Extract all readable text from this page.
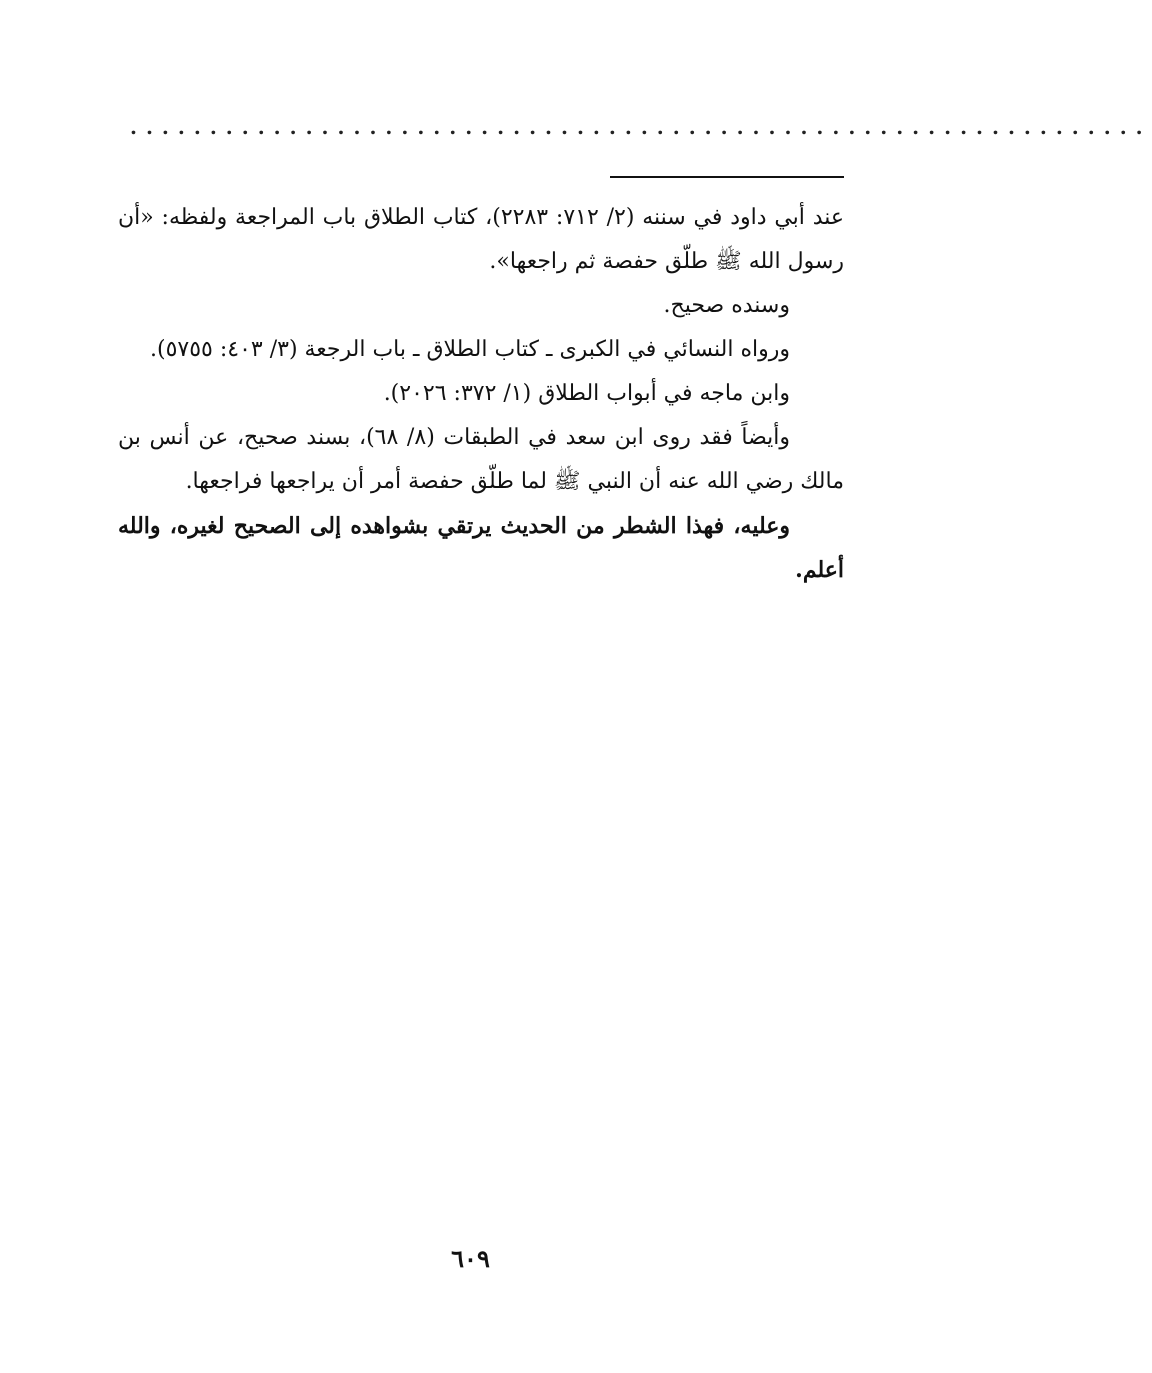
................................................................

عند أبي داود في سننه (٢/ ٧١٢: ٢٢٨٣)، كتاب الطلاق باب المراجعة ولفظه: «أن رسول الله ﷺ طلّق حفصة ثم راجعها».

وسنده صحيح.

ورواه النسائي في الكبرى ـ كتاب الطلاق ـ باب الرجعة (٣/ ٤٠٣: ٥٧٥٥).

وابن ماجه في أبواب الطلاق (١/ ٣٧٢: ٢٠٢٦).

وأيضاً فقد روى ابن سعد في الطبقات (٨/ ٦٨)، بسند صحيح، عن أنس بن مالك رضي الله عنه أن النبي ﷺ لما طلّق حفصة أمر أن يراجعها فراجعها.

وعليه، فهذا الشطر من الحديث يرتقي بشواهده إلى الصحيح لغيره، والله أعلم.

٦٠٩
